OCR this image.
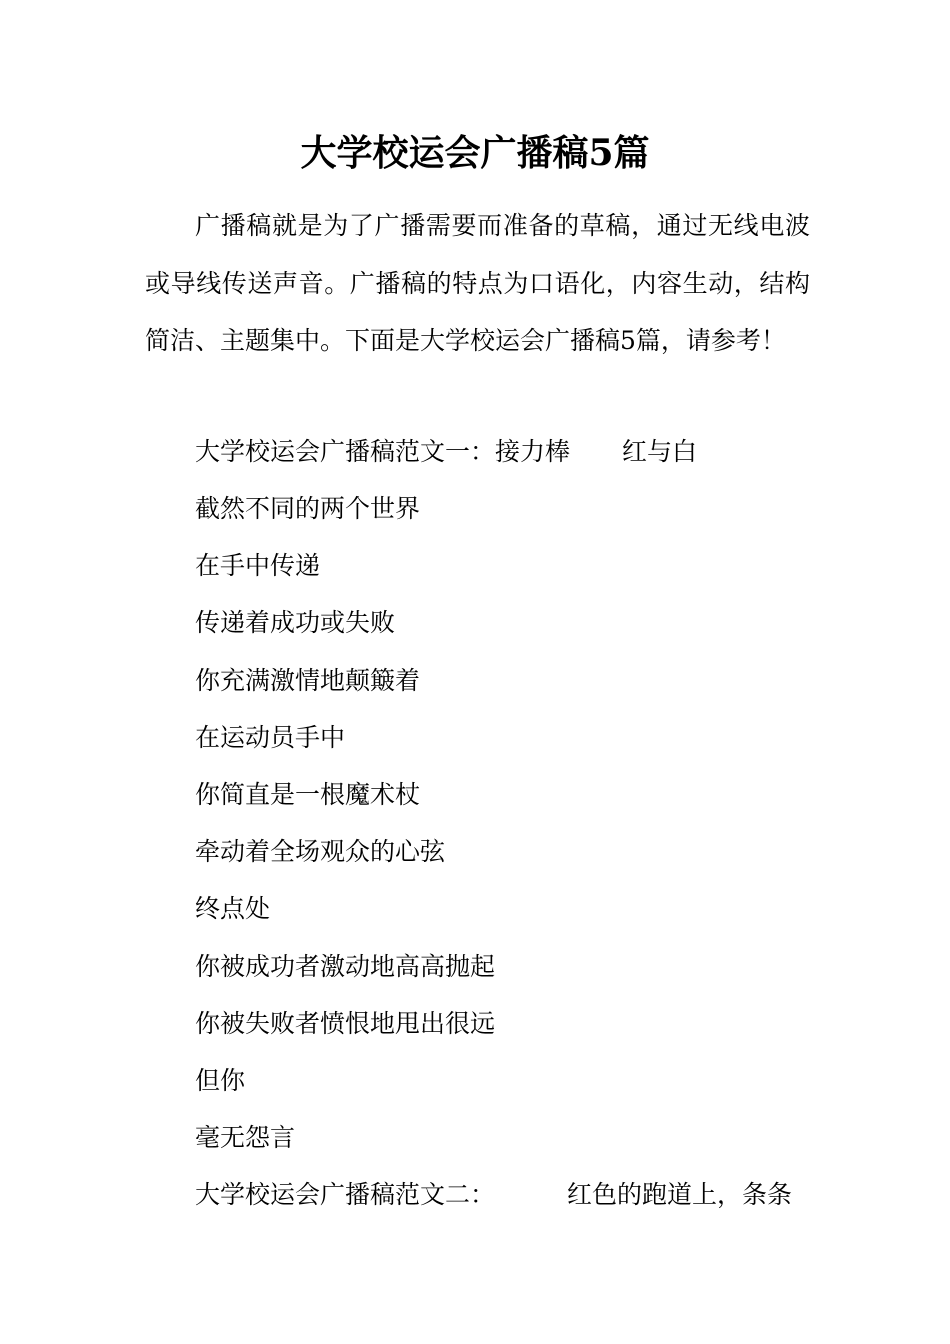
大学校运会广播稿5篇

广播稿就是为了广播需要而准备的草稿，通过无线电波或导线传送声音。广播稿的特点为口语化，内容生动，结构简洁、主题集中。下面是大学校运会广播稿5篇，请参考！

大学校运会广播稿范文一：接力棒 红与白

截然不同的两个世界

在手中传递

传递着成功或失败

你充满激情地颠簸着

在运动员手中

你简直是一根魔术杖

牵动着全场观众的心弦

终点处

你被成功者激动地高高抛起

你被失败者愤恨地甩出很远

但你

毫无怨言

大学校运会广播稿范文二：	红色的跑道上，条条
